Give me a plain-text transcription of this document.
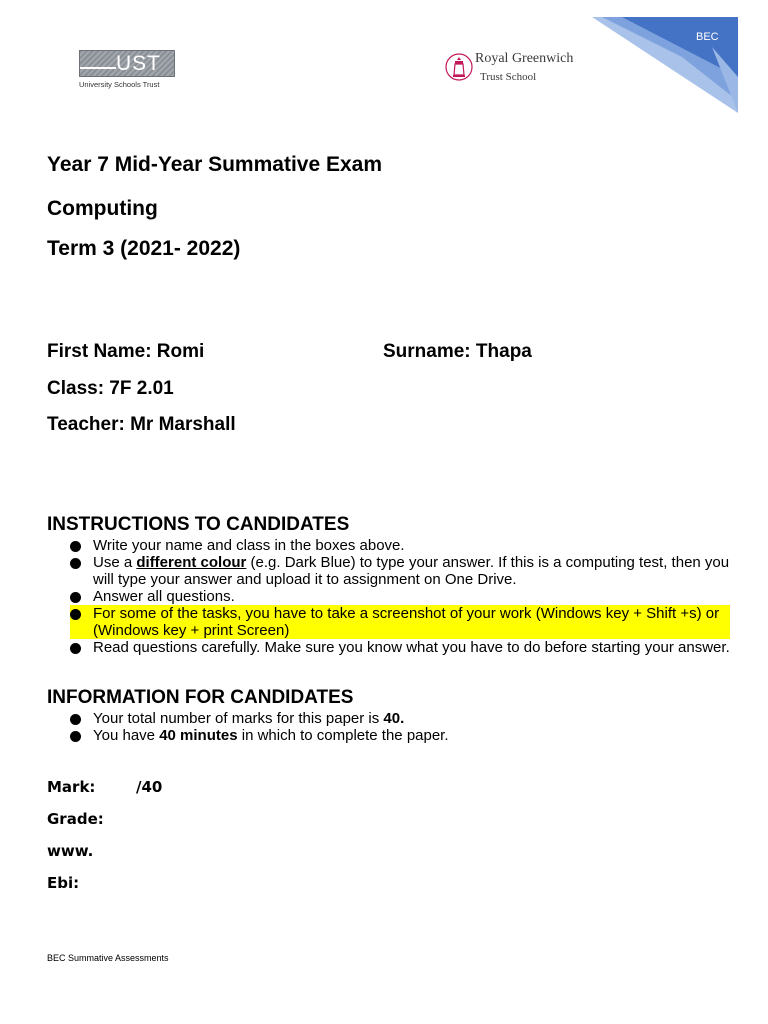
UST
University Schools Trust
Royal Greenwich
Trust School
BEC
Year 7 Mid-Year Summative Exam
Computing
Term 3 (2021- 2022)
First Name: Romi	Surname: Thapa
Class: 7F 2.01
Teacher: Mr Marshall
INSTRUCTIONS TO CANDIDATES
Write your name and class in the boxes above.
Use a different colour (e.g. Dark Blue) to type your answer. If this is a computing test, then you will type your answer and upload it to assignment on One Drive.
Answer all questions.
For some of the tasks, you have to take a screenshot of your work (Windows key + Shift +s) or (Windows key + print Screen)
Read questions carefully. Make sure you know what you have to do before starting your answer.
INFORMATION FOR CANDIDATES
Your total number of marks for this paper is 40.
You have 40 minutes in which to complete the paper.
Mark:	/40
Grade:
www.
Ebi:
BEC Summative Assessments
